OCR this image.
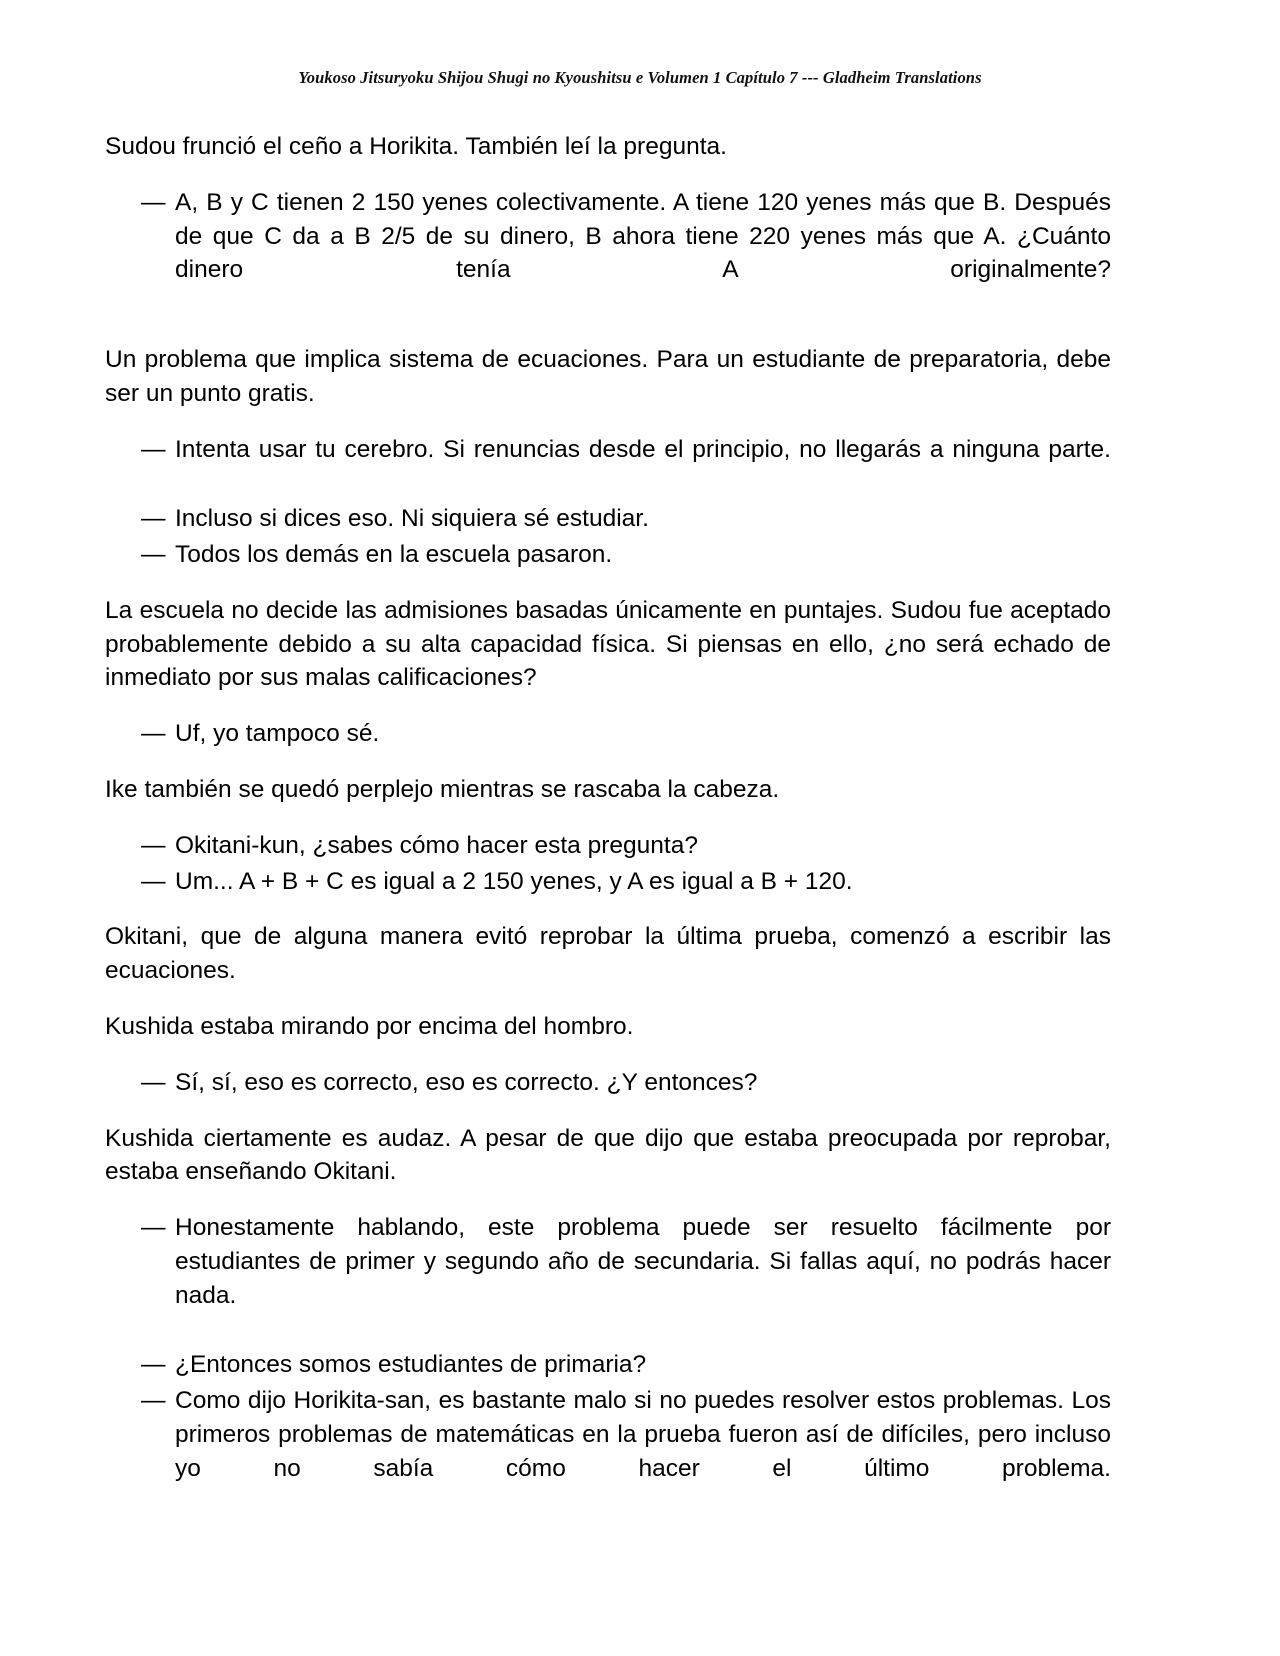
Youkoso Jitsuryoku Shijou Shugi no Kyoushitsu e Volumen 1 Capítulo 7 --- Gladheim Translations

Sudou frunció el ceño a Horikita. También leí la pregunta.

— A, B y C tienen 2 150 yenes colectivamente. A tiene 120 yenes más que B. Después de que C da a B 2/5 de su dinero, B ahora tiene 220 yenes más que A. ¿Cuánto dinero tenía A originalmente?

Un problema que implica sistema de ecuaciones. Para un estudiante de preparatoria, debe ser un punto gratis.

— Intenta usar tu cerebro. Si renuncias desde el principio, no llegarás a ninguna parte.
— Incluso si dices eso. Ni siquiera sé estudiar.
— Todos los demás en la escuela pasaron.

La escuela no decide las admisiones basadas únicamente en puntajes. Sudou fue aceptado probablemente debido a su alta capacidad física. Si piensas en ello, ¿no será echado de inmediato por sus malas calificaciones?

— Uf, yo tampoco sé.

Ike también se quedó perplejo mientras se rascaba la cabeza.

— Okitani-kun, ¿sabes cómo hacer esta pregunta?
— Um... A + B + C es igual a 2 150 yenes, y A es igual a B + 120.

Okitani, que de alguna manera evitó reprobar la última prueba, comenzó a escribir las ecuaciones.

Kushida estaba mirando por encima del hombro.

— Sí, sí, eso es correcto, eso es correcto. ¿Y entonces?

Kushida ciertamente es audaz. A pesar de que dijo que estaba preocupada por reprobar, estaba enseñando Okitani.

— Honestamente hablando, este problema puede ser resuelto fácilmente por estudiantes de primer y segundo año de secundaria. Si fallas aquí, no podrás hacer nada.
— ¿Entonces somos estudiantes de primaria?
— Como dijo Horikita-san, es bastante malo si no puedes resolver estos problemas. Los primeros problemas de matemáticas en la prueba fueron así de difíciles, pero incluso yo no sabía cómo hacer el último problema.
